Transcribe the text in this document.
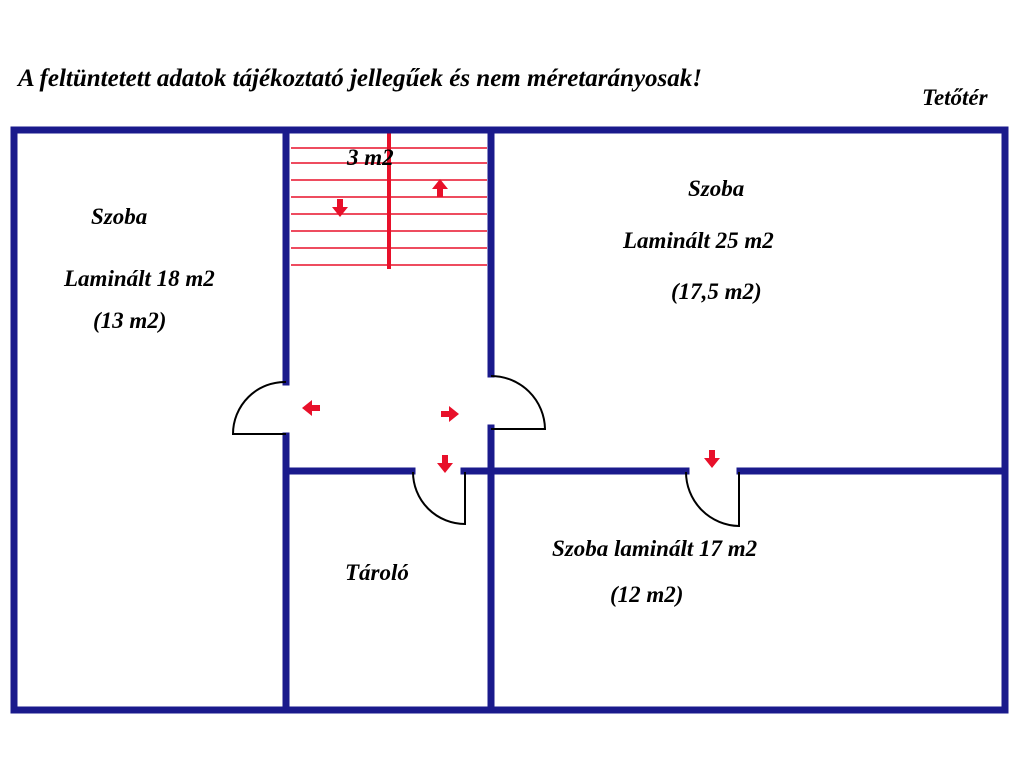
A feltüntetett adatok tájékoztató jellegűek és nem méretarányosak!
Tetőtér
Szoba
Laminált 18 m2
(13 m2)
3 m2
Szoba
Laminált 25 m2
(17,5 m2)
Tároló
Szoba laminált 17 m2
(12 m2)
